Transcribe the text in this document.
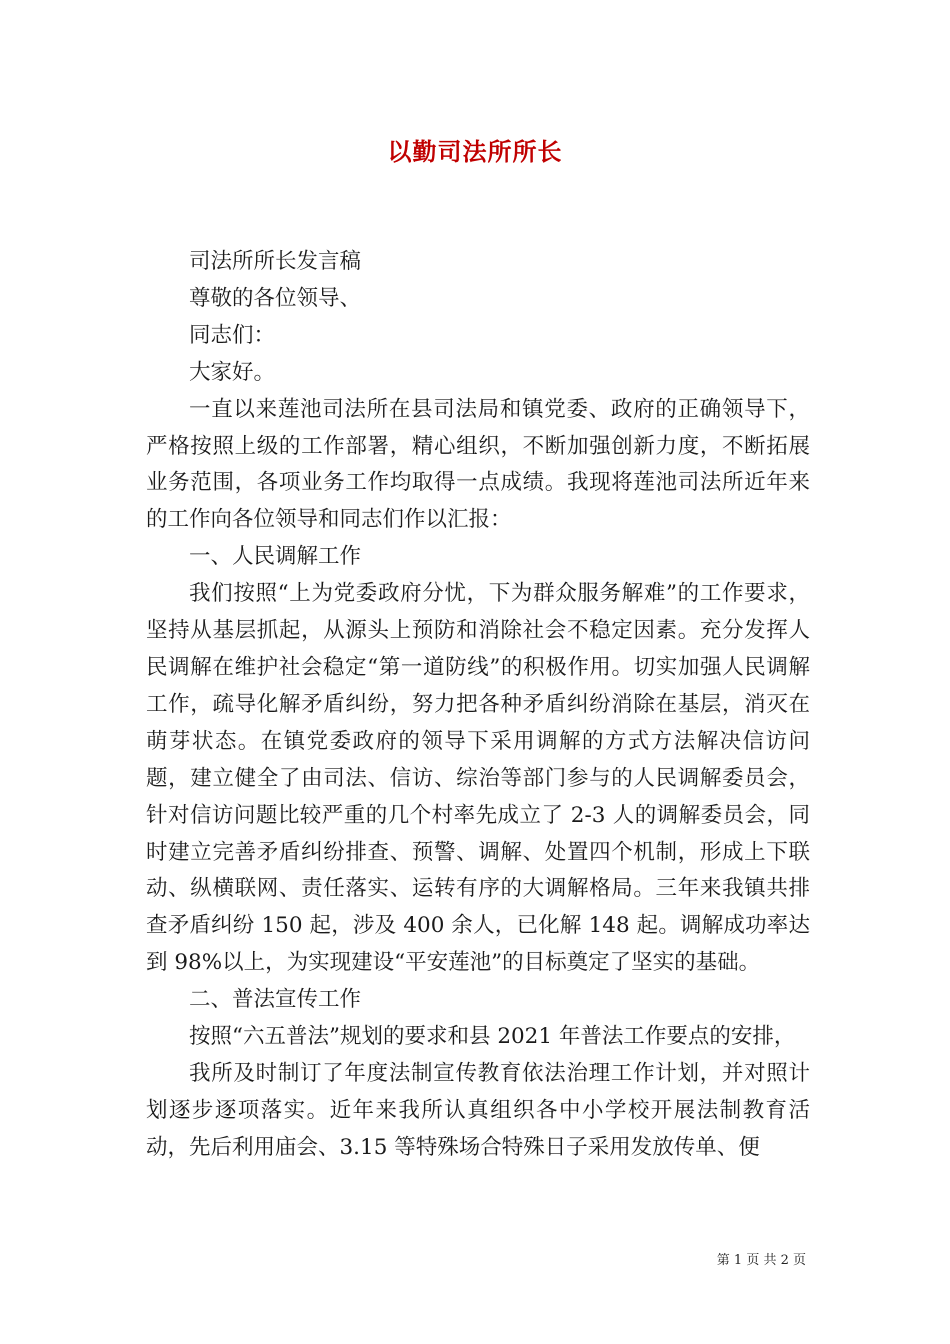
以勤司法所所长

司法所所长发言稿

尊敬的各位领导、

同志们：

大家好。

一直以来莲池司法所在县司法局和镇党委、政府的正确领导下，严格按照上级的工作部署，精心组织，不断加强创新力度，不断拓展业务范围，各项业务工作均取得一点成绩。我现将莲池司法所近年来的工作向各位领导和同志们作以汇报：

一、人民调解工作

我们按照“上为党委政府分忧，下为群众服务解难”的工作要求，坚持从基层抓起，从源头上预防和消除社会不稳定因素。充分发挥人民调解在维护社会稳定“第一道防线”的积极作用。切实加强人民调解工作，疏导化解矛盾纠纷，努力把各种矛盾纠纷消除在基层，消灭在萌芽状态。在镇党委政府的领导下采用调解的方式方法解决信访问题，建立健全了由司法、信访、综治等部门参与的人民调解委员会，针对信访问题比较严重的几个村率先成立了 2-3 人的调解委员会，同时建立完善矛盾纠纷排查、预警、调解、处置四个机制，形成上下联动、纵横联网、责任落实、运转有序的大调解格局。三年来我镇共排查矛盾纠纷 150 起，涉及 400 余人，已化解 148 起。调解成功率达到 98%以上，为实现建设“平安莲池”的目标奠定了坚实的基础。

二、普法宣传工作

按照“六五普法”规划的要求和县 2021 年普法工作要点的安排，

我所及时制订了年度法制宣传教育依法治理工作计划，并对照计划逐步逐项落实。近年来我所认真组织各中小学校开展法制教育活动，先后利用庙会、3.15 等特殊场合特殊日子采用发放传单、便

第 1 页 共 2 页
